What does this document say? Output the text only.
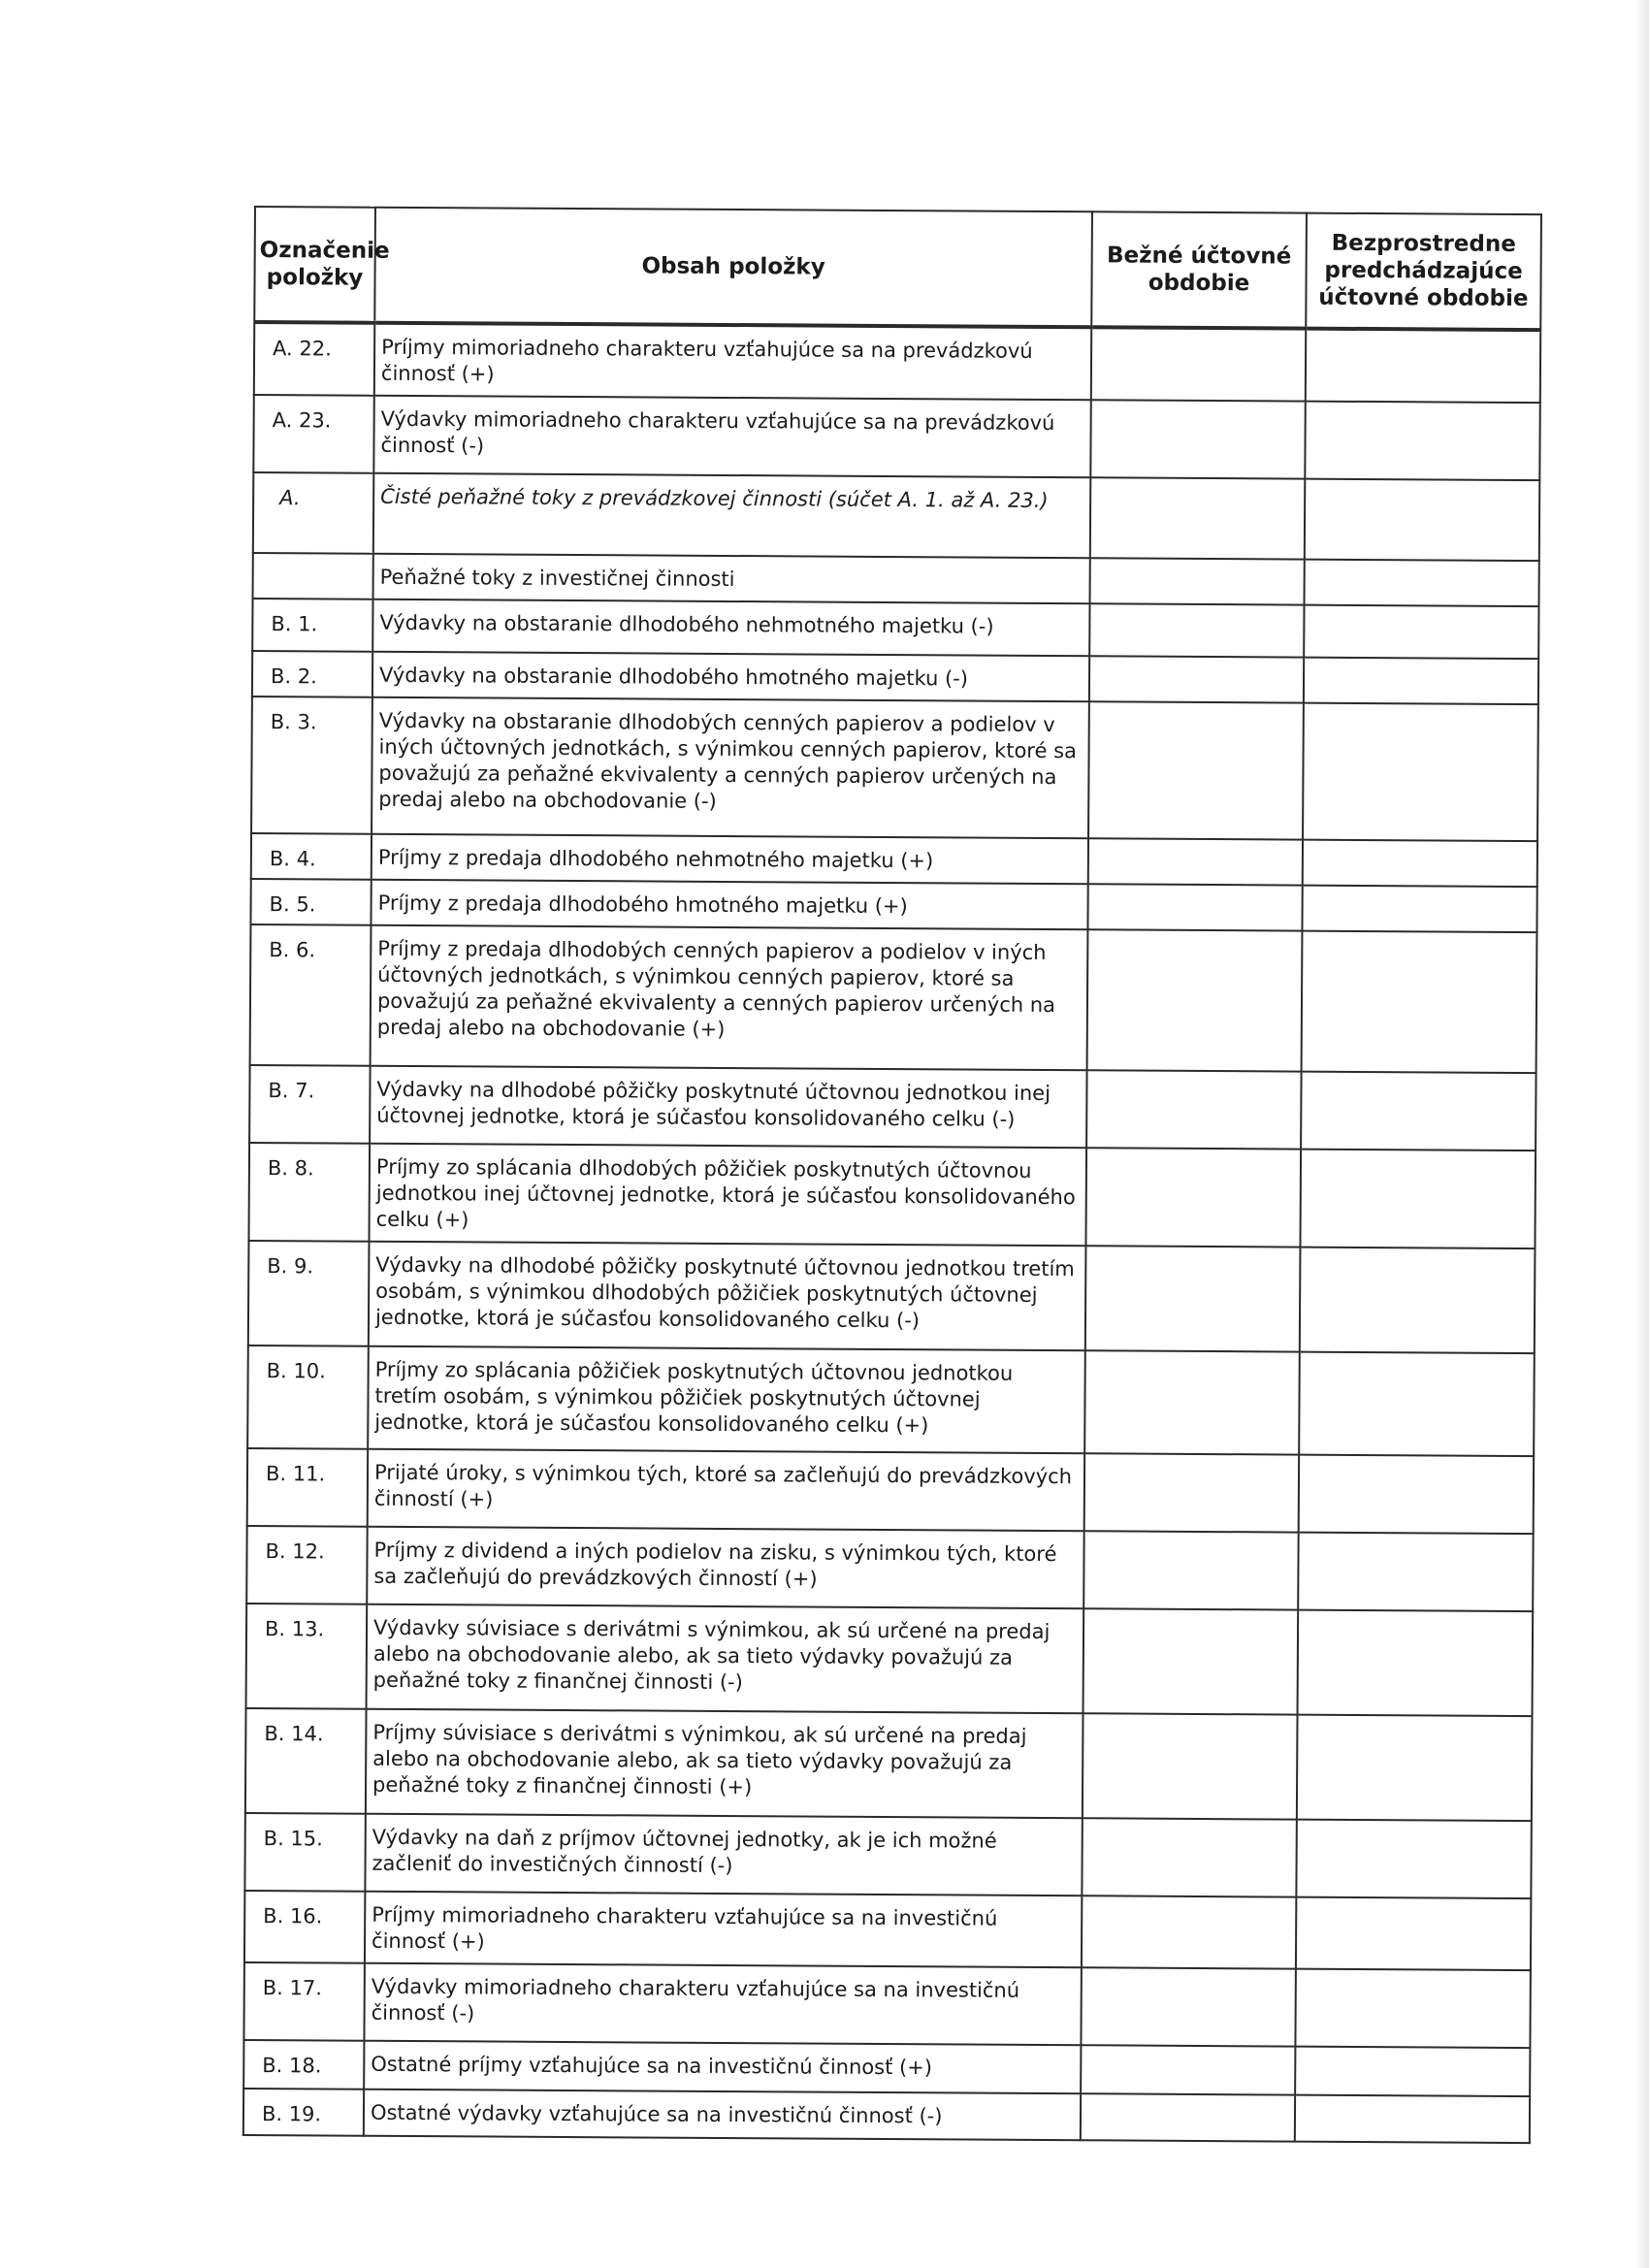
Označenie položky	Obsah položky	Bežné účtovné obdobie	Bezprostredne predchádzajúce účtovné obdobie
A. 22.	Príjmy mimoriadneho charakteru vzťahujúce sa na prevádzkovú činnosť (+)		
A. 23.	Výdavky mimoriadneho charakteru vzťahujúce sa na prevádzkovú činnosť (-)		
A.	Čisté peňažné toky z prevádzkovej činnosti (súčet A. 1. až A. 23.)		
	Peňažné toky z investičnej činnosti		
B. 1.	Výdavky na obstaranie dlhodobého nehmotného majetku (-)		
B. 2.	Výdavky na obstaranie dlhodobého hmotného majetku (-)		
B. 3.	Výdavky na obstaranie dlhodobých cenných papierov a podielov v iných účtovných jednotkách, s výnimkou cenných papierov, ktoré sa považujú za peňažné ekvivalenty a cenných papierov určených na predaj alebo na obchodovanie (-)		
B. 4.	Príjmy z predaja dlhodobého nehmotného majetku (+)		
B. 5.	Príjmy z predaja dlhodobého hmotného majetku (+)		
B. 6.	Príjmy z predaja dlhodobých cenných papierov a podielov v iných účtovných jednotkách, s výnimkou cenných papierov, ktoré sa považujú za peňažné ekvivalenty a cenných papierov určených na predaj alebo na obchodovanie (+)		
B. 7.	Výdavky na dlhodobé pôžičky poskytnuté účtovnou jednotkou inej účtovnej jednotke, ktorá je súčasťou konsolidovaného celku (-)		
B. 8.	Príjmy zo splácania dlhodobých pôžičiek poskytnutých účtovnou jednotkou inej účtovnej jednotke, ktorá je súčasťou konsolidovaného celku (+)		
B. 9.	Výdavky na dlhodobé pôžičky poskytnuté účtovnou jednotkou tretím osobám, s výnimkou dlhodobých pôžičiek poskytnutých účtovnej jednotke, ktorá je súčasťou konsolidovaného celku (-)		
B. 10.	Príjmy zo splácania pôžičiek poskytnutých účtovnou jednotkou tretím osobám, s výnimkou pôžičiek poskytnutých účtovnej jednotke, ktorá je súčasťou konsolidovaného celku (+)		
B. 11.	Prijaté úroky, s výnimkou tých, ktoré sa začleňujú do prevádzkových činností (+)		
B. 12.	Príjmy z dividend a iných podielov na zisku, s výnimkou tých, ktoré sa začleňujú do prevádzkových činností (+)		
B. 13.	Výdavky súvisiace s derivátmi s výnimkou, ak sú určené na predaj alebo na obchodovanie alebo, ak sa tieto výdavky považujú za peňažné toky z finančnej činnosti (-)		
B. 14.	Príjmy súvisiace s derivátmi s výnimkou, ak sú určené na predaj alebo na obchodovanie alebo, ak sa tieto výdavky považujú za peňažné toky z finančnej činnosti (+)		
B. 15.	Výdavky na daň z príjmov účtovnej jednotky, ak je ich možné začleniť do investičných činností (-)		
B. 16.	Príjmy mimoriadneho charakteru vzťahujúce sa na investičnú činnosť (+)		
B. 17.	Výdavky mimoriadneho charakteru vzťahujúce sa na investičnú činnosť (-)		
B. 18.	Ostatné príjmy vzťahujúce sa na investičnú činnosť (+)		
B. 19.	Ostatné výdavky vzťahujúce sa na investičnú činnosť (-)		
